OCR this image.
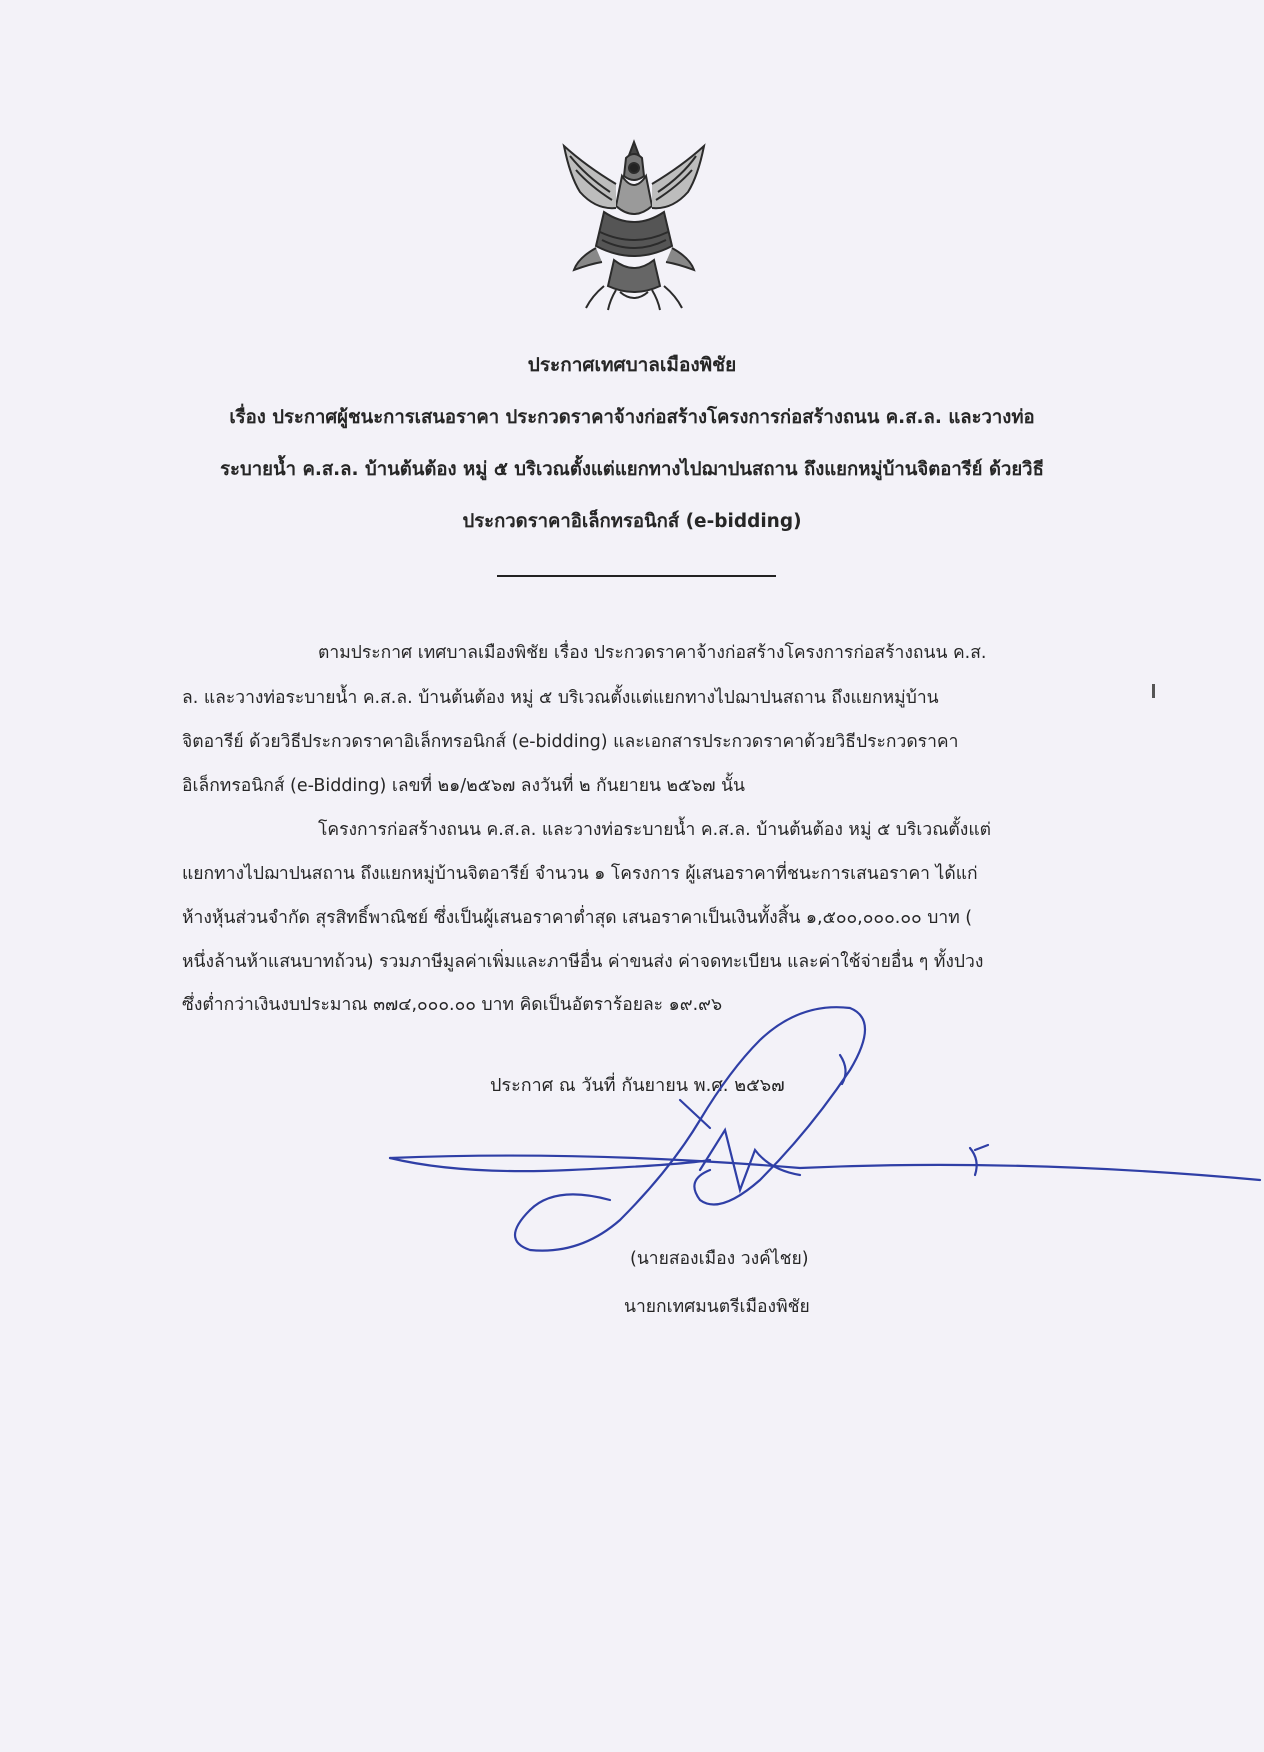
ประกาศเทศบาลเมืองพิชัย
เรื่อง ประกาศผู้ชนะการเสนอราคา ประกวดราคาจ้างก่อสร้างโครงการก่อสร้างถนน ค.ส.ล. และวางท่อ
ระบายน้ำ ค.ส.ล. บ้านต้นต้อง หมู่ ๕ บริเวณตั้งแต่แยกทางไปฌาปนสถาน ถึงแยกหมู่บ้านจิตอารีย์ ด้วยวิธี
ประกวดราคาอิเล็กทรอนิกส์ (e-bidding)
ตามประกาศ เทศบาลเมืองพิชัย เรื่อง ประกวดราคาจ้างก่อสร้างโครงการก่อสร้างถนน ค.ส.
ล. และวางท่อระบายน้ำ ค.ส.ล. บ้านต้นต้อง หมู่ ๕ บริเวณตั้งแต่แยกทางไปฌาปนสถาน ถึงแยกหมู่บ้าน
จิตอารีย์ ด้วยวิธีประกวดราคาอิเล็กทรอนิกส์ (e-bidding) และเอกสารประกวดราคาด้วยวิธีประกวดราคา
อิเล็กทรอนิกส์ (e-Bidding) เลขที่ ๒๑/๒๕๖๗ ลงวันที่ ๒ กันยายน ๒๕๖๗ นั้น
โครงการก่อสร้างถนน ค.ส.ล. และวางท่อระบายน้ำ ค.ส.ล. บ้านต้นต้อง หมู่ ๕ บริเวณตั้งแต่
แยกทางไปฌาปนสถาน ถึงแยกหมู่บ้านจิตอารีย์ จำนวน ๑ โครงการ ผู้เสนอราคาที่ชนะการเสนอราคา ได้แก่
ห้างหุ้นส่วนจำกัด สุรสิทธิ์พาณิชย์ ซึ่งเป็นผู้เสนอราคาต่ำสุด เสนอราคาเป็นเงินทั้งสิ้น ๑,๕๐๐,๐๐๐.๐๐ บาท (
หนึ่งล้านห้าแสนบาทถ้วน) รวมภาษีมูลค่าเพิ่มและภาษีอื่น ค่าขนส่ง ค่าจดทะเบียน และค่าใช้จ่ายอื่น ๆ ทั้งปวง
ซึ่งต่ำกว่าเงินงบประมาณ ๓๗๔,๐๐๐.๐๐ บาท คิดเป็นอัตราร้อยละ ๑๙.๙๖
ประกาศ ณ วันที่ กันยายน พ.ศ. ๒๕๖๗
(นายสองเมือง วงค์ไชย)
นายกเทศมนตรีเมืองพิชัย
